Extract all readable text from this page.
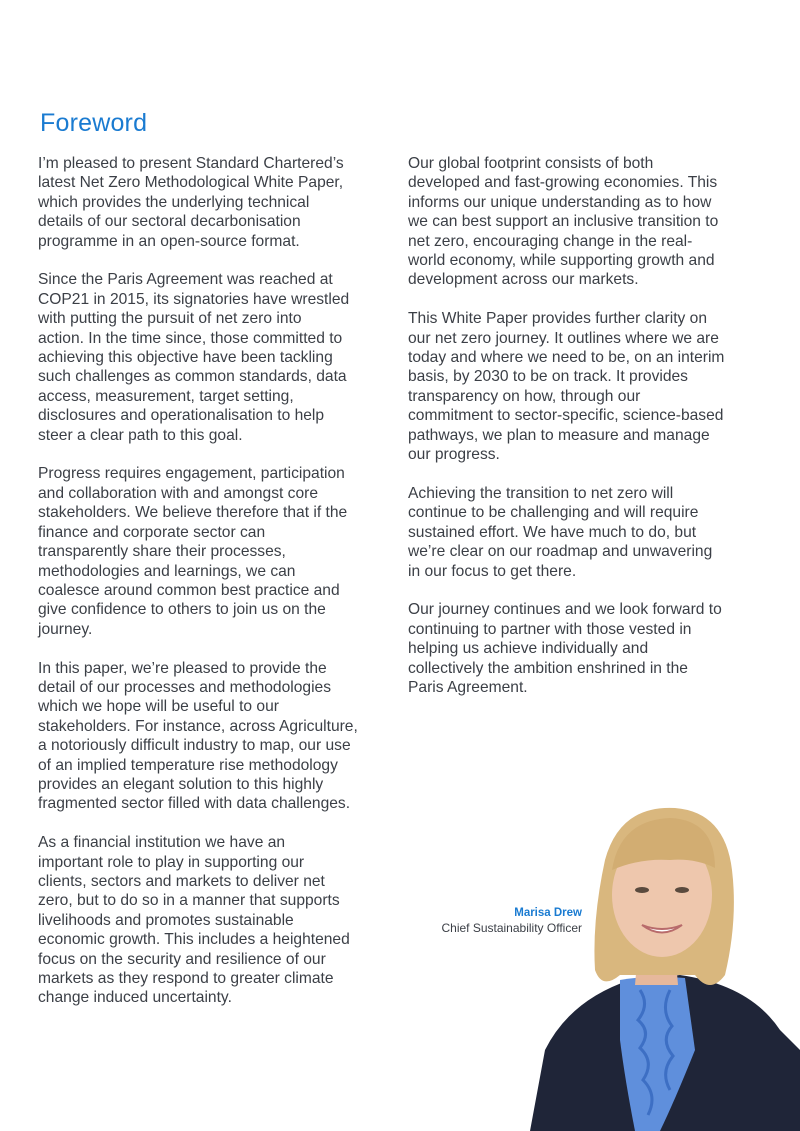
Foreword

I’m pleased to present Standard Chartered’s
latest Net Zero Methodological White Paper,
which provides the underlying technical
details of our sectoral decarbonisation
programme in an open-source format.

Since the Paris Agreement was reached at
COP21 in 2015, its signatories have wrestled
with putting the pursuit of net zero into
action. In the time since, those committed to
achieving this objective have been tackling
such challenges as common standards, data
access, measurement, target setting,
disclosures and operationalisation to help
steer a clear path to this goal.

Progress requires engagement, participation
and collaboration with and amongst core
stakeholders. We believe therefore that if the
finance and corporate sector can
transparently share their processes,
methodologies and learnings, we can
coalesce around common best practice and
give confidence to others to join us on the
journey.

In this paper, we’re pleased to provide the
detail of our processes and methodologies
which we hope will be useful to our
stakeholders. For instance, across Agriculture,
a notoriously difficult industry to map, our use
of an implied temperature rise methodology
provides an elegant solution to this highly
fragmented sector filled with data challenges.

As a financial institution we have an
important role to play in supporting our
clients, sectors and markets to deliver net
zero, but to do so in a manner that supports
livelihoods and promotes sustainable
economic growth. This includes a heightened
focus on the security and resilience of our
markets as they respond to greater climate
change induced uncertainty.

Our global footprint consists of both
developed and fast-growing economies. This
informs our unique understanding as to how
we can best support an inclusive transition to
net zero, encouraging change in the real-
world economy, while supporting growth and
development across our markets.

This White Paper provides further clarity on
our net zero journey. It outlines where we are
today and where we need to be, on an interim
basis, by 2030 to be on track. It provides
transparency on how, through our
commitment to sector-specific, science-based
pathways, we plan to measure and manage
our progress.

Achieving the transition to net zero will
continue to be challenging and will require
sustained effort. We have much to do, but
we’re clear on our roadmap and unwavering
in our focus to get there.

Our journey continues and we look forward to
continuing to partner with those vested in
helping us achieve individually and
collectively the ambition enshrined in the
Paris Agreement.

Marisa Drew
Chief Sustainability Officer
